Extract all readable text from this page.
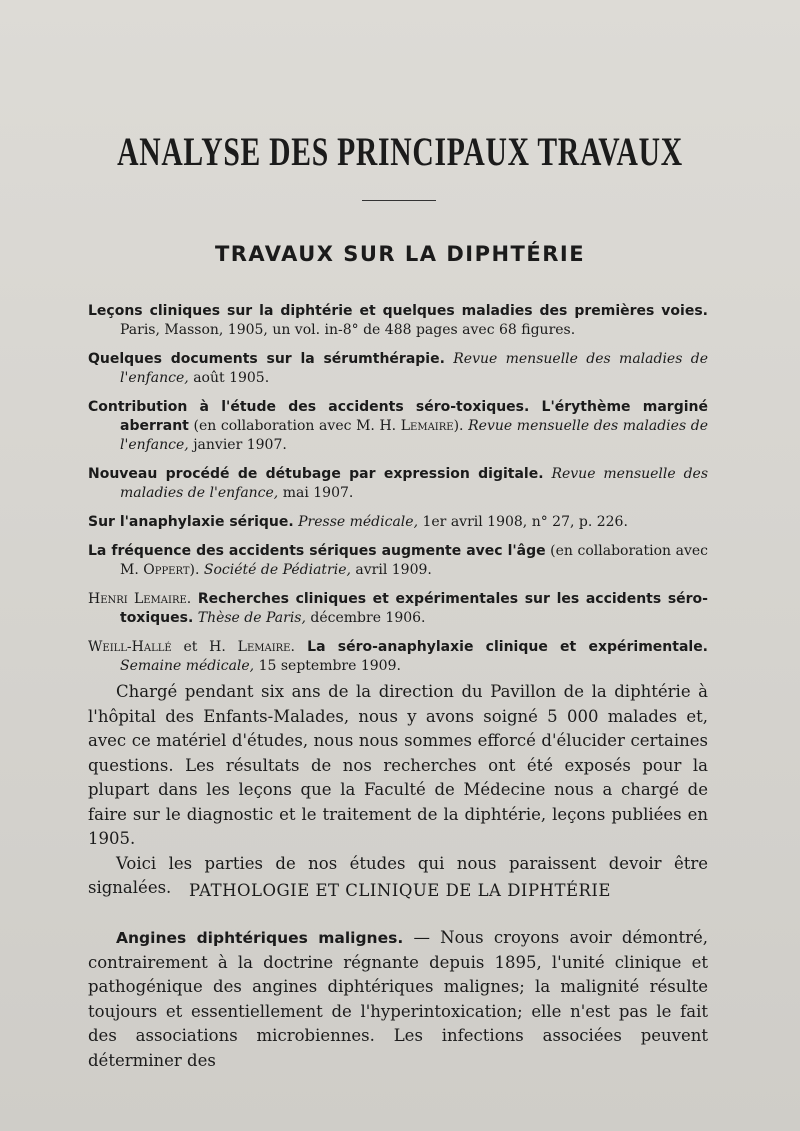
ANALYSE DES PRINCIPAUX TRAVAUX
TRAVAUX SUR LA DIPHTÉRIE

Leçons cliniques sur la diphtérie et quelques maladies des premières voies. Paris, Masson, 1905, un vol. in-8° de 488 pages avec 68 figures.

Quelques documents sur la sérumthérapie. Revue mensuelle des maladies de l'enfance, août 1905.

Contribution à l'étude des accidents séro-toxiques. L'érythème marginé aberrant (en collaboration avec M. H. Lemaire). Revue mensuelle des maladies de l'enfance, janvier 1907.

Nouveau procédé de détubage par expression digitale. Revue mensuelle des maladies de l'enfance, mai 1907.

Sur l'anaphylaxie sérique. Presse médicale, 1er avril 1908, n° 27, p. 226.

La fréquence des accidents sériques augmente avec l'âge (en collaboration avec M. Oppert). Société de Pédiatrie, avril 1909.

Henri Lemaire. Recherches cliniques et expérimentales sur les accidents séro-toxiques. Thèse de Paris, décembre 1906.

Weill-Hallé et H. Lemaire. La séro-anaphylaxie clinique et expérimentale. Semaine médicale, 15 septembre 1909.

Chargé pendant six ans de la direction du Pavillon de la diphtérie à l'hôpital des Enfants-Malades, nous y avons soigné 5 000 malades et, avec ce matériel d'études, nous nous sommes efforcé d'élucider certaines questions. Les résultats de nos recherches ont été exposés pour la plupart dans les leçons que la Faculté de Médecine nous a chargé de faire sur le diagnostic et le traitement de la diphtérie, leçons publiées en 1905.

Voici les parties de nos études qui nous paraissent devoir être signalées.	PATHOLOGIE ET CLINIQUE DE LA DIPHTÉRIE

Angines diphtériques malignes. — Nous croyons avoir démontré, contrairement à la doctrine régnante depuis 1895, l'unité clinique et pathogénique des angines diphtériques malignes; la malignité résulte toujours et essentiellement de l'hyperintoxication; elle n'est pas le fait des associations microbiennes. Les infections associées peuvent déterminer des
